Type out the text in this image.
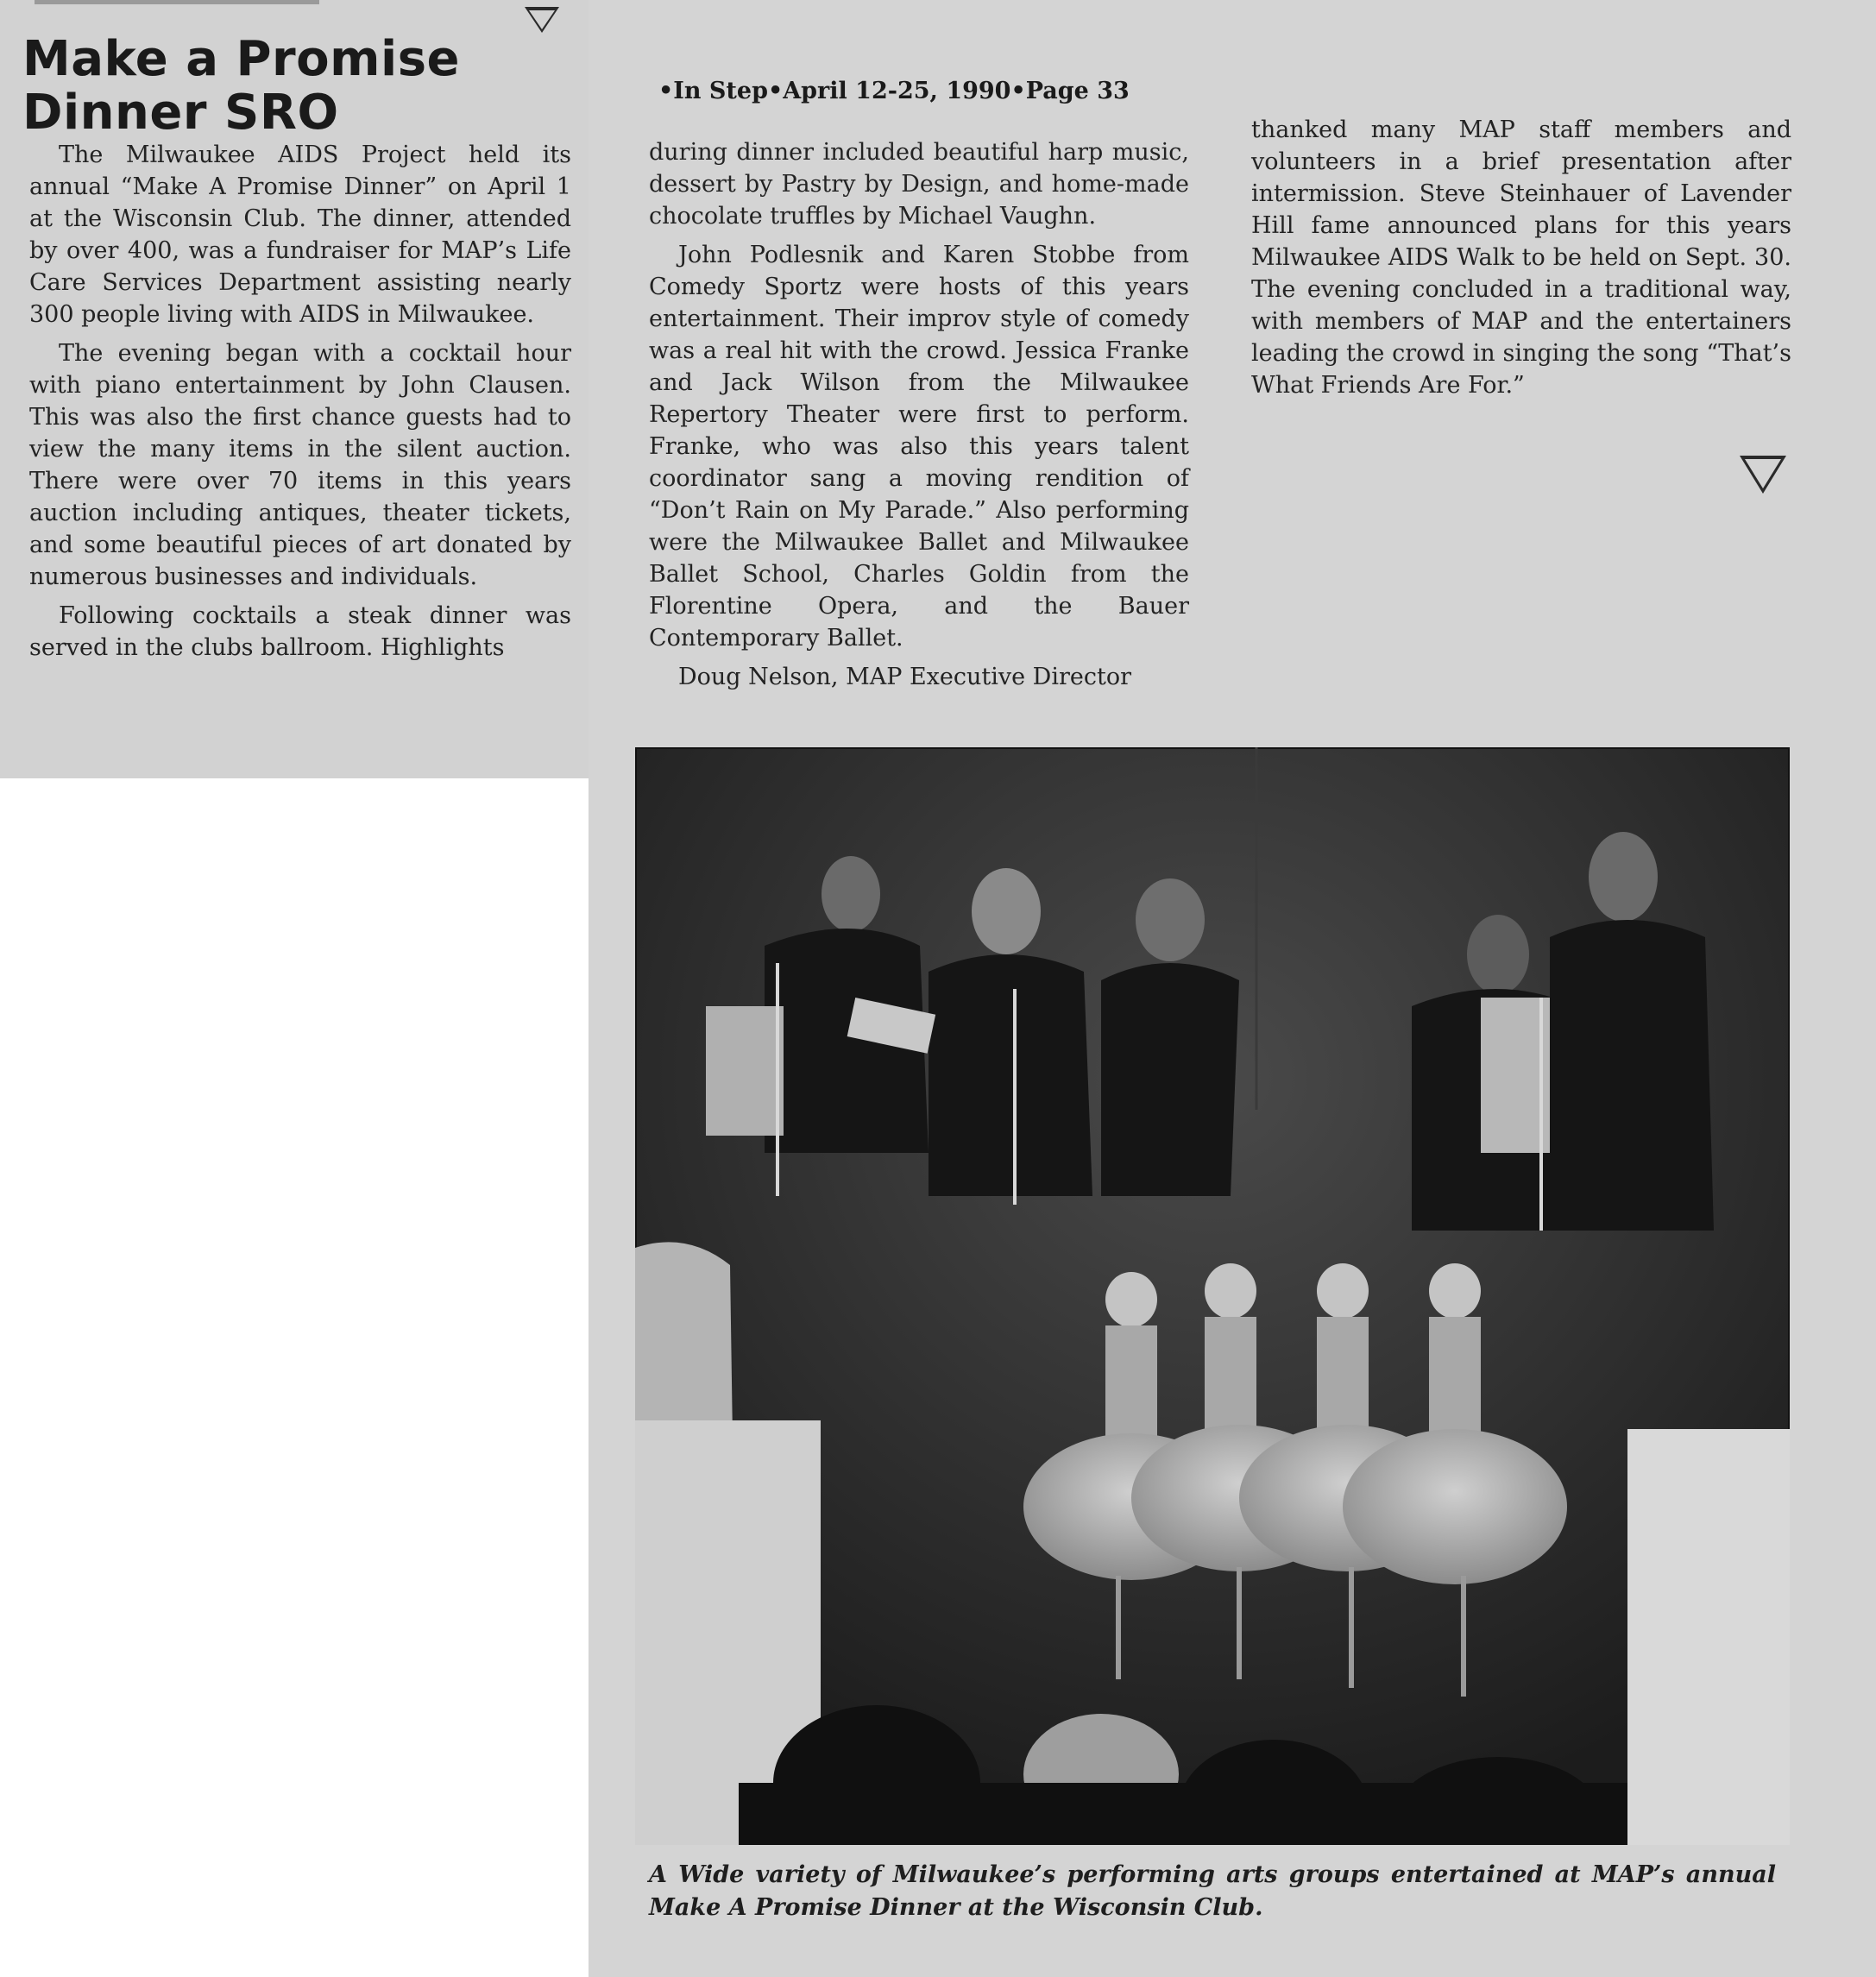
Make a Promise Dinner SRO	•In Step•April 12-25, 1990•Page 33

The Milwaukee AIDS Project held its annual “Make A Promise Dinner” on April 1 at the Wisconsin Club. The dinner, attended by over 400, was a fundraiser for MAP’s Life Care Services Department assisting nearly 300 people living with AIDS in Milwaukee.

The evening began with a cocktail hour with piano entertainment by John Clausen. This was also the first chance guests had to view the many items in the silent auction. There were over 70 items in this years auction including antiques, theater tickets, and some beautiful pieces of art donated by numerous businesses and individuals.

Following cocktails a steak dinner was served in the clubs ballroom. Highlights

during dinner included beautiful harp music, dessert by Pastry by Design, and home-made chocolate truffles by Michael Vaughn.

John Podlesnik and Karen Stobbe from Comedy Sportz were hosts of this years entertainment. Their improv style of comedy was a real hit with the crowd. Jessica Franke and Jack Wilson from the Milwaukee Repertory Theater were first to perform. Franke, who was also this years talent coordinator sang a moving rendition of “Don’t Rain on My Parade.” Also performing were the Milwaukee Ballet and Milwaukee Ballet School, Charles Goldin from the Florentine Opera, and the Bauer Contemporary Ballet.

Doug Nelson, MAP Executive Director

thanked many MAP staff members and volunteers in a brief presentation after intermission. Steve Steinhauer of Lavender Hill fame announced plans for this years Milwaukee AIDS Walk to be held on Sept. 30. The evening concluded in a traditional way, with members of MAP and the entertainers leading the crowd in singing the song “That’s What Friends Are For.”

A Wide variety of Milwaukee’s performing arts groups entertained at MAP’s annual Make A Promise Dinner at the Wisconsin Club.
